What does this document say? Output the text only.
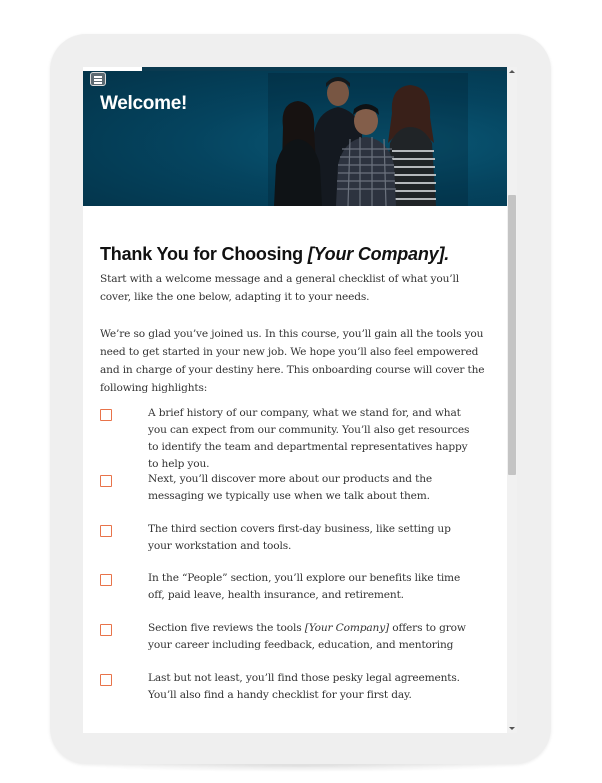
Welcome!
Thank You for Choosing [Your Company].

Start with a welcome message and a general checklist of what you’ll cover, like the one below, adapting it to your needs.

We’re so glad you’ve joined us. In this course, you’ll gain all the tools you need to get started in your new job. We hope you’ll also feel empowered and in charge of your destiny here. This onboarding course will cover the following highlights:

A brief history of our company, what we stand for, and what you can expect from our community. You’ll also get resources to identify the team and departmental representatives happy to help you.
Next, you’ll discover more about our products and the messaging we typically use when we talk about them.
The third section covers first-day business, like setting up your workstation and tools.
In the “People” section, you’ll explore our benefits like time off, paid leave, health insurance, and retirement.
Section five reviews the tools [Your Company] offers to grow your career including feedback, education, and mentoring
Last but not least, you’ll find those pesky legal agreements. You’ll also find a handy checklist for your first day.
